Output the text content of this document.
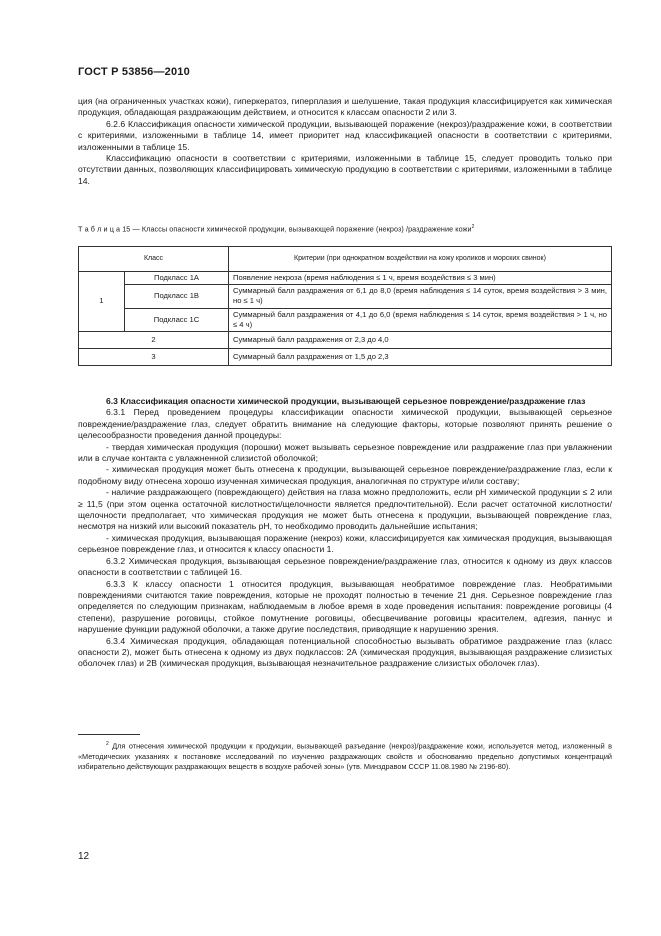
ГОСТ Р 53856—2010

ция (на ограниченных участках кожи), гиперкератоз, гиперплазия и шелушение, такая продукция классифицируется как химическая продукция, обладающая раздражающим действием, и относится к классам опасности 2 или 3.

6.2.6 Классификация опасности химической продукции, вызывающей поражение (некроз)/раздражение кожи, в соответствии с критериями, изложенными в таблице 14, имеет приоритет над классификацией опасности в соответствии с критериями, изложенными в таблице 15.

Классификацию опасности в соответствии с критериями, изложенными в таблице 15, следует проводить только при отсутствии данных, позволяющих классифицировать химическую продукцию в соответствии с критериями, изложенными в таблице 14.

Т а б л и ц а 15 — Классы опасности химической продукции, вызывающей поражение (некроз) /раздражение кожи$^2$
Класс		Критерии (при однократном воздействии на кожу кроликов и морских свинок)
1	Подкласс 1А	Появление некроза (время наблюдения ≤ 1 ч, время воздействия ≤ 3 мин)
	Подкласс 1В	Суммарный балл раздражения от 6,1 до 8,0 (время наблюдения ≤ 14 суток, время воздействия > 3 мин, но ≤ 1 ч)
	Подкласс 1С	Суммарный балл раздражения от 4,1 до 6,0 (время наблюдения ≤ 14 суток, время воздействия > 1 ч, но ≤ 4 ч)
2		Суммарный балл раздражения от 2,3 до 4,0
3		Суммарный балл раздражения от 1,5 до 2,3

6.3 Классификация опасности химической продукции, вызывающей серьезное повреждение/раздражение глаз

6.3.1 Перед проведением процедуры классификации опасности химической продукции, вызывающей серьезное повреждение/раздражение глаз, следует обратить внимание на следующие факторы, которые позволяют принять решение о целесообразности проведения данной процедуры:

- твердая химическая продукция (порошки) может вызывать серьезное повреждение или раздражение глаз при увлажнении или в случае контакта с увлажненной слизистой оболочкой;

- химическая продукция может быть отнесена к продукции, вызывающей серьезное повреждение/раздражение глаз, если к подобному виду отнесена хорошо изученная химическая продукция, аналогичная по структуре и/или составу;

- наличие раздражающего (повреждающего) действия на глаза можно предположить, если рН химической продукции ≤ 2 или ≥ 11,5 (при этом оценка остаточной кислотности/щелочности является предпочтительной). Если расчет остаточной кислотности/щелочности предполагает, что химическая продукция не может быть отнесена к продукции, вызывающей повреждение глаз, несмотря на низкий или высокий показатель рН, то необходимо проводить дальнейшие испытания;

- химическая продукция, вызывающая поражение (некроз) кожи, классифицируется как химическая продукция, вызывающая серьезное повреждение глаз, и относится к классу опасности 1.

6.3.2 Химическая продукция, вызывающая серьезное повреждение/раздражение глаз, относится к одному из двух классов опасности в соответствии с таблицей 16.

6.3.3 К классу опасности 1 относится продукция, вызывающая необратимое повреждение глаз. Необратимыми повреждениями считаются такие повреждения, которые не проходят полностью в течение 21 дня. Серьезное повреждение глаз определяется по следующим признакам, наблюдаемым в любое время в ходе проведения испытания: повреждение роговицы (4 степени), разрушение роговицы, стойкое помутнение роговицы, обесцвечивание роговицы красителем, адгезия, паннус и нарушение функции радужной оболочки, а также другие последствия, приводящие к нарушению зрения.

6.3.4 Химическая продукция, обладающая потенциальной способностью вызывать обратимое раздражение глаз (класс опасности 2), может быть отнесена к одному из двух подклассов: 2А (химическая продукция, вызывающая раздражение слизистых оболочек глаз) и 2В (химическая продукция, вызывающая незначительное раздражение слизистых оболочек глаз).

$^2$ Для отнесения химической продукции к продукции, вызывающей разъедание (некроз)/раздражение кожи, используется метод, изложенный в «Методических указаниях к постановке исследований по изучению раздражающих свойств и обоснованию предельно допустимых концентраций избирательно действующих раздражающих веществ в воздухе рабочей зоны» (утв. Минздравом СССР 11.08.1980 № 2196-80).

12
